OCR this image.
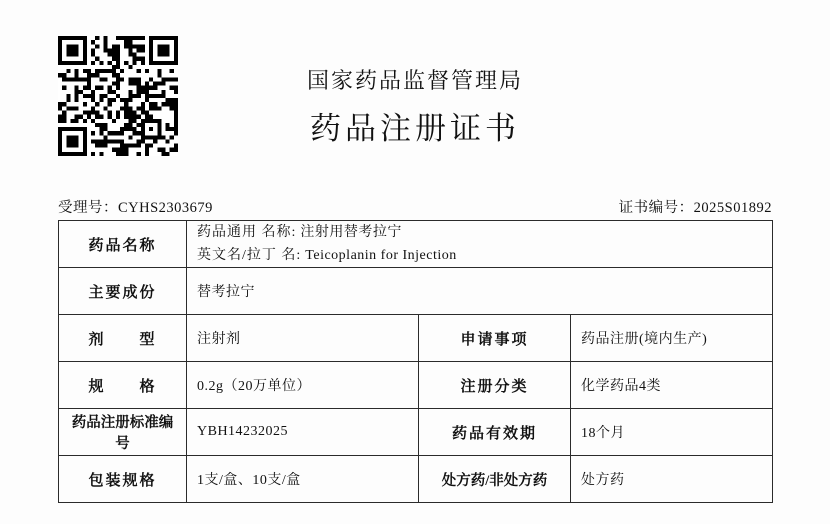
国家药品监督管理局
药品注册证书
受理号：CYHS2303679	证书编号：2025S01892
药品名称	药品通用 名称: 注射用替考拉宁
英文名/拉丁 名: Teicoplanin for Injection		

主要成份	替考拉宁		
剂　　型	注射剂	申请事项	药品注册(境内生产)
规　　格	0.2g（20万单位）	注册分类	化学药品4类
药品注册标准编号	YBH14232025	药品有效期	18个月
包装规格	1支/盒、10支/盒	处方药/非处方药	处方药
